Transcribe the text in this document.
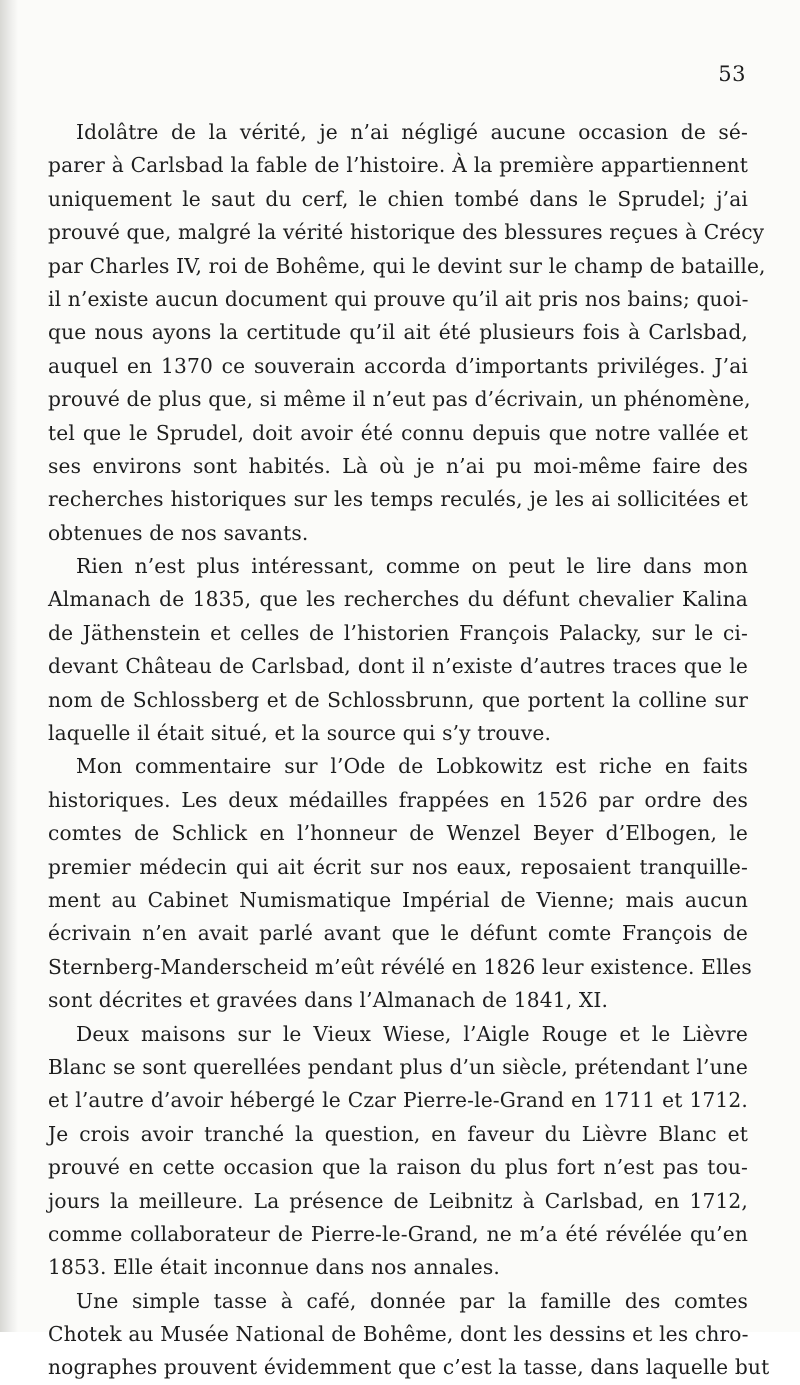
53
Idolâtre de la vérité, je n’ai négligé aucune occasion de sé-
parer à Carlsbad la fable de l’histoire. À la première appartiennent
uniquement le saut du cerf, le chien tombé dans le Sprudel; j’ai
prouvé que, malgré la vérité historique des blessures reçues à Crécy
par Charles IV, roi de Bohême, qui le devint sur le champ de bataille,
il n’existe aucun document qui prouve qu’il ait pris nos bains; quoi-
que nous ayons la certitude qu’il ait été plusieurs fois à Carlsbad,
auquel en 1370 ce souverain accorda d’importants priviléges. J’ai
prouvé de plus que, si même il n’eut pas d’écrivain, un phénomène,
tel que le Sprudel, doit avoir été connu depuis que notre vallée et
ses environs sont habités. Là où je n’ai pu moi-même faire des
recherches historiques sur les temps reculés, je les ai sollicitées et
obtenues de nos savants.
Rien n’est plus intéressant, comme on peut le lire dans mon
Almanach de 1835, que les recherches du défunt chevalier Kalina
de Jäthenstein et celles de l’historien François Palacky, sur le ci-
devant Château de Carlsbad, dont il n’existe d’autres traces que le
nom de Schlossberg et de Schlossbrunn, que portent la colline sur
laquelle il était situé, et la source qui s’y trouve.
Mon commentaire sur l’Ode de Lobkowitz est riche en faits
historiques. Les deux médailles frappées en 1526 par ordre des
comtes de Schlick en l’honneur de Wenzel Beyer d’Elbogen, le
premier médecin qui ait écrit sur nos eaux, reposaient tranquille-
ment au Cabinet Numismatique Impérial de Vienne; mais aucun
écrivain n’en avait parlé avant que le défunt comte François de
Sternberg-Manderscheid m’eût révélé en 1826 leur existence. Elles
sont décrites et gravées dans l’Almanach de 1841, XI.
Deux maisons sur le Vieux Wiese, l’Aigle Rouge et le Lièvre
Blanc se sont querellées pendant plus d’un siècle, prétendant l’une
et l’autre d’avoir hébergé le Czar Pierre-le-Grand en 1711 et 1712.
Je crois avoir tranché la question, en faveur du Lièvre Blanc et
prouvé en cette occasion que la raison du plus fort n’est pas tou-
jours la meilleure. La présence de Leibnitz à Carlsbad, en 1712,
comme collaborateur de Pierre-le-Grand, ne m’a été révélée qu’en
1853. Elle était inconnue dans nos annales.
Une simple tasse à café, donnée par la famille des comtes
Chotek au Musée National de Bohême, dont les dessins et les chro-
nographes prouvent évidemment que c’est la tasse, dans laquelle but
